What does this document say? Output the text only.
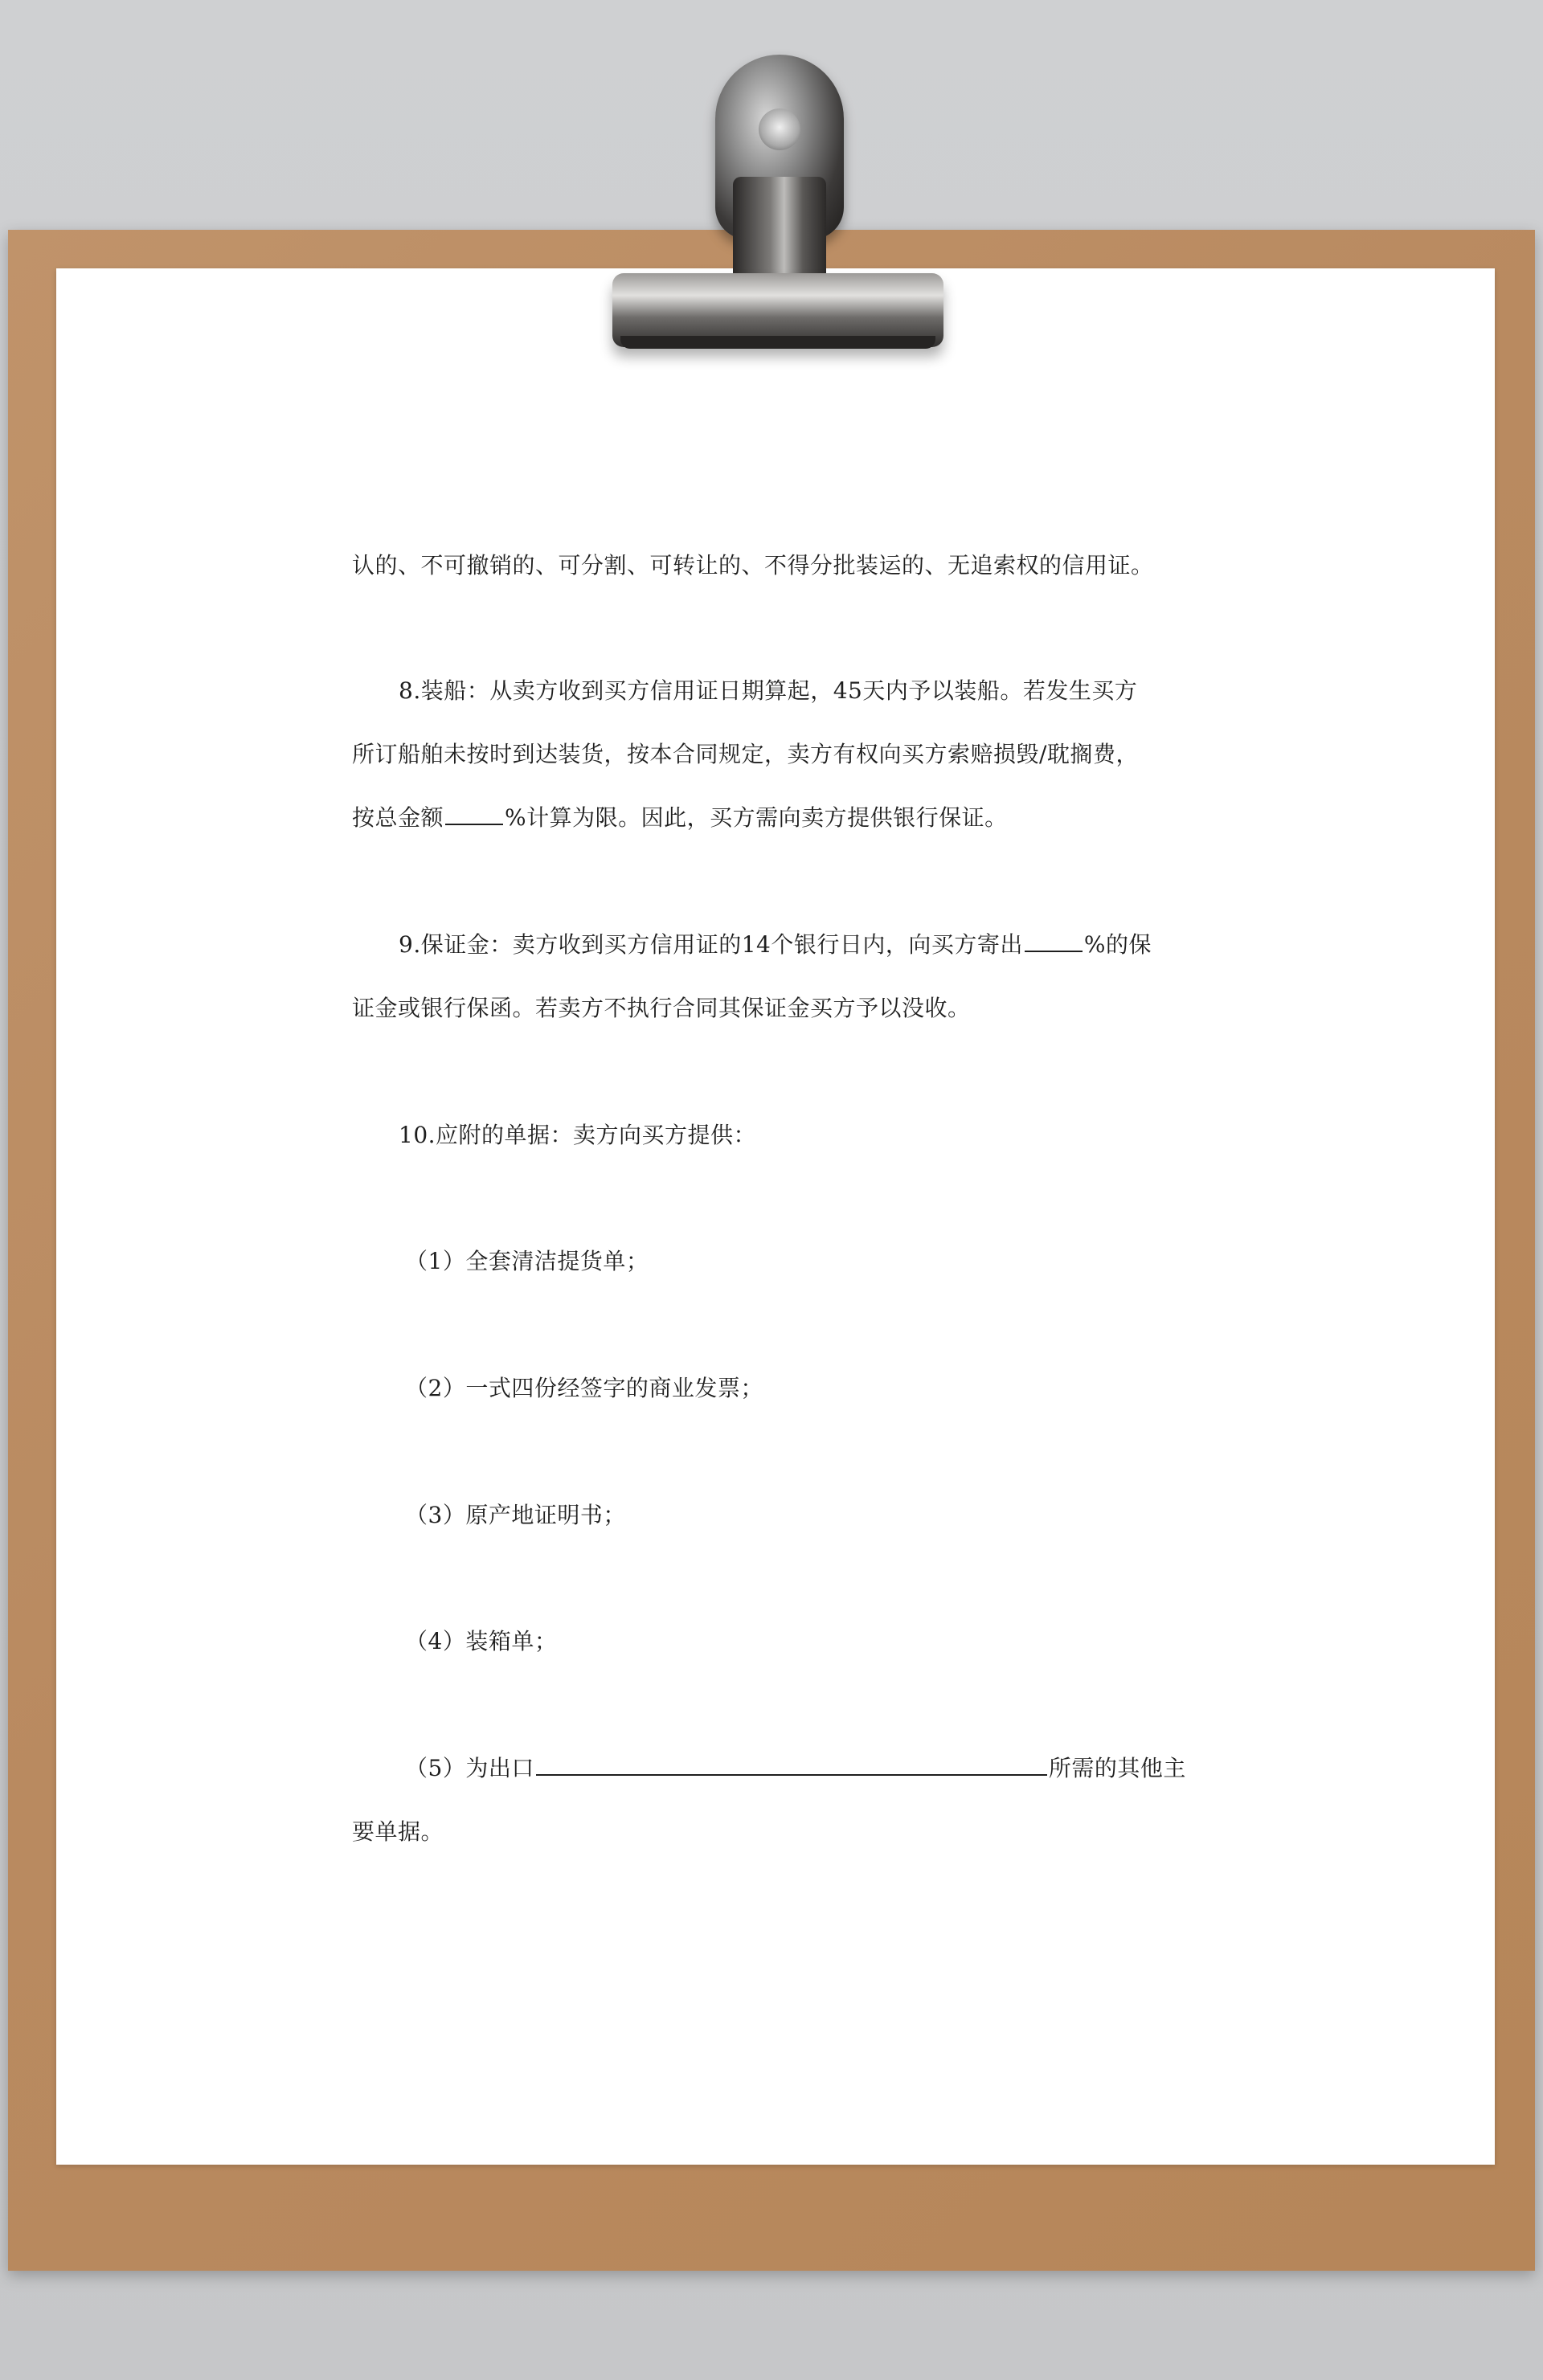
认的、不可撤销的、可分割、可转让的、不得分批装运的、无追索权的信用证。

8.装船：从卖方收到买方信用证日期算起，45天内予以装船。若发生买方

所订船舶未按时到达装货，按本合同规定，卖方有权向买方索赔损毁/耽搁费，

按总金额	%计算为限。因此，买方需向卖方提供银行保证。

9.保证金：卖方收到买方信用证的14个银行日内，向买方寄出	%的保

证金或银行保函。若卖方不执行合同其保证金买方予以没收。

10.应附的单据：卖方向买方提供：

（1）全套清洁提货单；

（2）一式四份经签字的商业发票；

（3）原产地证明书；

（4）装箱单；

（5）为出口	所需的其他主

要单据。
